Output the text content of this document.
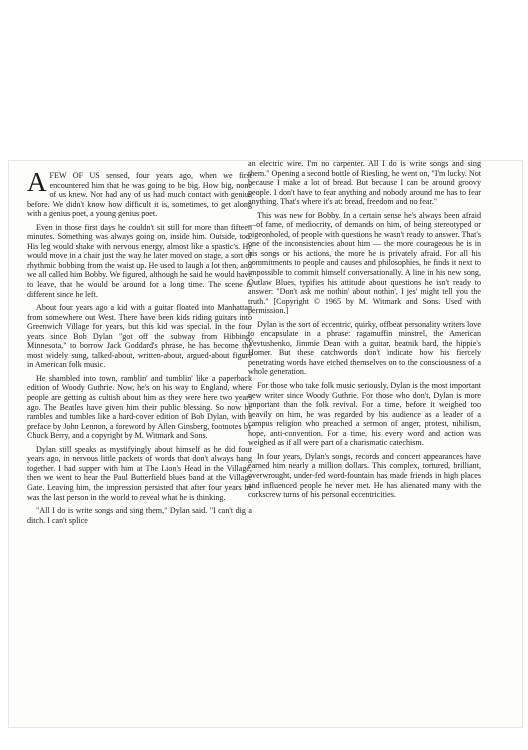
AFEW OF US sensed, four years ago, when we first encountered him that he was going to be big. How big, none of us knew. Nor had any of us had much contact with genius before. We didn't know how difficult it is, sometimes, to get along with a genius poet, a young genius poet.

Even in those first days he couldn't sit still for more than fifteen minutes. Something was always going on, inside him. Outside, too. His leg would shake with nervous energy, almost like a spastic's. He would move in a chair just the way he later moved on stage, a sort of rhythmic bobbing from the waist up. He used to laugh a lot then, and we all called him Bobby. We figured, although he said he would have to leave, that he would be around for a long time. The scene is different since he left.

About four years ago a kid with a guitar floated into Manhattan from somewhere out West. There have been kids riding guitars into Greenwich Village for years, but this kid was special. In the four years since Bob Dylan "got off the subway from Hibbing, Minnesota," to borrow Jack Goddard's phrase, he has become the most widely sung, talked-about, written-about, argued-about figure in American folk music.

He shambled into town, ramblin' and tumblin' like a paperback edition of Woody Guthrie. Now, he's on his way to England, where people are getting as cultish about him as they were here two years ago. The Beatles have given him their public blessing. So now he rambles and tumbles like a hard-cover edition of Bob Dylan, with a preface by John Lennon, a foreword by Allen Ginsberg, footnotes by Chuck Berry, and a copyright by M. Witmark and Sons.

Dylan still speaks as mystifyingly about himself as he did four years ago, in nervous little packets of words that don't always hang together. I had supper with him at The Lion's Head in the Village, then we went to hear the Paul Butterfield blues band at the Village Gate. Leaving him, the impression persisted that after four years he was the last person in the world to reveal what he is thinking.

"All I do is write songs and sing them," Dylan said. "I can't dig a ditch. I can't splice

an electric wire. I'm no carpenter. All I do is write songs and sing them." Opening a second bottle of Riesling, he went on, "I'm lucky. Not because I make a lot of bread. But because I can be around groovy people. I don't have to fear anything and nobody around me has to fear anything. That's where it's at: bread, freedom and no fear."

This was new for Bobby. In a certain sense he's always been afraid—of fame, of mediocrity, of demands on him, of being stereotyped or pigeonholed, of people with questions he wasn't ready to answer. That's one of the inconsistencies about him — the more courageous he is in his songs or his actions, the more he is privately afraid. For all his commitments to people and causes and philosophies, he finds it next to impossible to commit himself conversationally. A line in his new song, Outlaw Blues, typifies his attitude about questions he isn't ready to answer: "Don't ask me nothin' about nothin', I jes' might tell you the truth." [Copyright © 1965 by M. Witmark and Sons. Used with permission.]

Dylan is the sort of eccentric, quirky, offbeat personality writers love to encapsulate in a phrase: ragamuffin minstrel, the American Yevtushenko, Jimmie Dean with a guitar, beatnik bard, the hippie's Homer. But these catchwords don't indicate how his fiercely penetrating words have etched themselves on to the consciousness of a whole generation.

For those who take folk music seriously, Dylan is the most important new writer since Woody Guthrie. For those who don't, Dylan is more important than the folk revival. For a time, before it weighed too heavily on him, he was regarded by his audience as a leader of a campus religion who preached a sermon of anger, protest, nihilism, hope, anti-convention. For a time, his every word and action was weighed as if all were part of a charismatic catechism.

In four years, Dylan's songs, records and concert appearances have earned him nearly a million dollars. This complex, tortured, brilliant, overwrought, under-fed word-fountain has made friends in high places and influenced people he never met. He has alienated many with the corkscrew turns of his personal eccentricities.
